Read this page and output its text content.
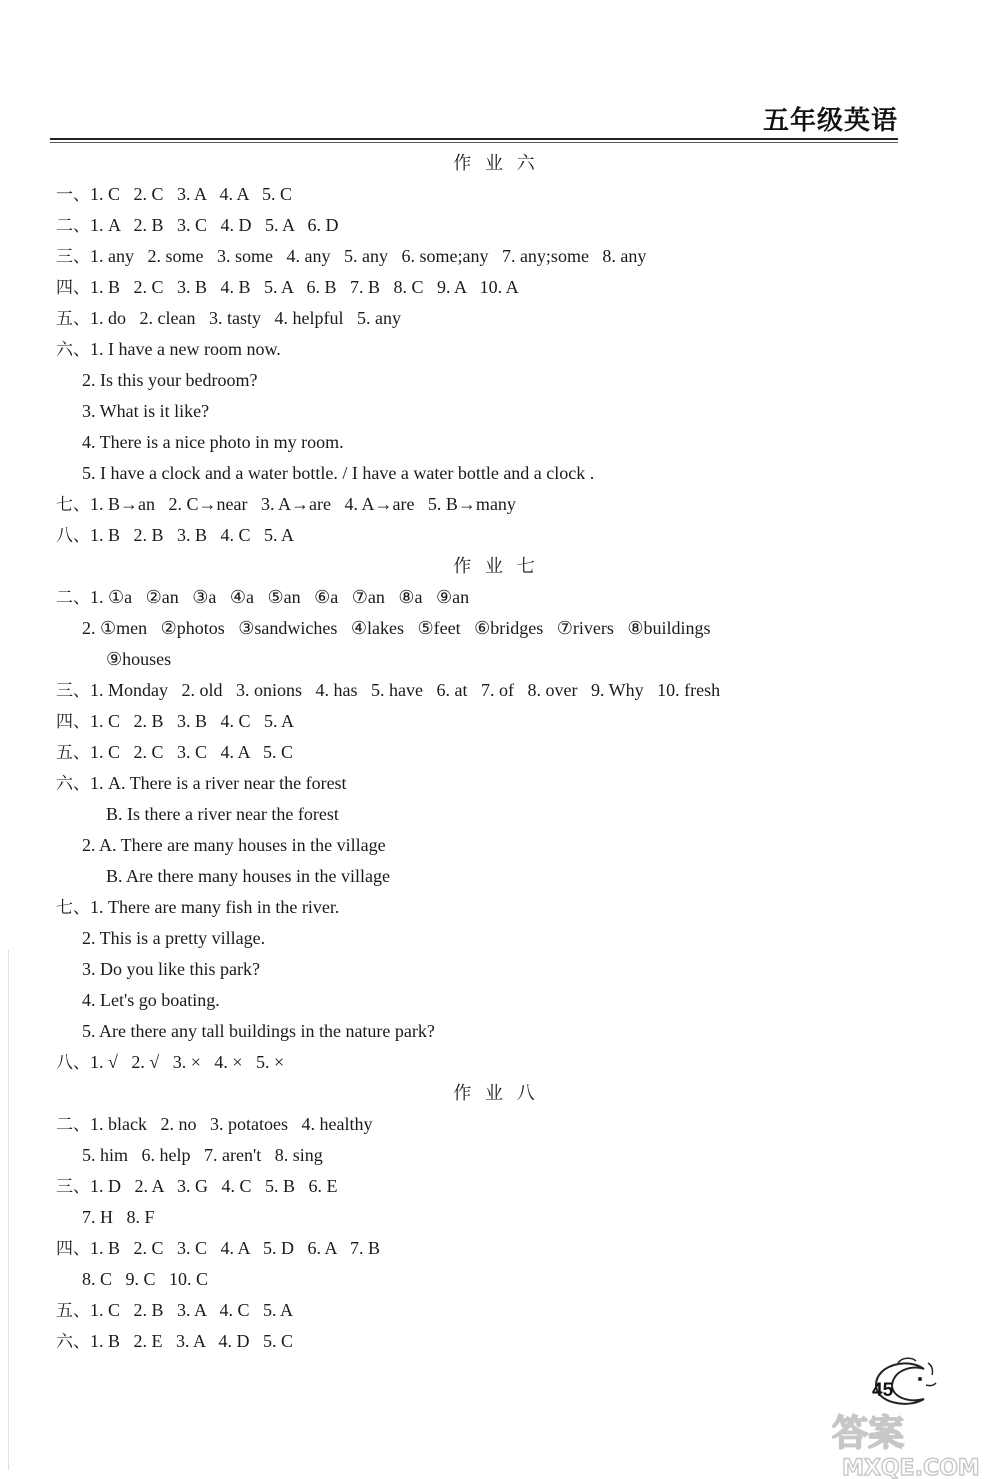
五年级英语
作 业 六
一、1. C   2. C   3. A   4. A   5. C
二、1. A   2. B   3. C   4. D   5. A   6. D
三、1. any   2. some   3. some   4. any   5. any   6. some;any   7. any;some   8. any
四、1. B   2. C   3. B   4. B   5. A   6. B   7. B   8. C   9. A   10. A
五、1. do   2. clean   3. tasty   4. helpful   5. any
六、1. I have a new room now.
2. Is this your bedroom?
3. What is it like?
4. There is a nice photo in my room.
5. I have a clock and a water bottle. / I have a water bottle and a clock .
七、1. B→an   2. C→near   3. A→are   4. A→are   5. B→many
八、1. B   2. B   3. B   4. C   5. A
作 业 七
二、1. ①a   ②an   ③a   ④a   ⑤an   ⑥a   ⑦an   ⑧a   ⑨an
2. ①men   ②photos   ③sandwiches   ④lakes   ⑤feet   ⑥bridges   ⑦rivers   ⑧buildings
⑨houses
三、1. Monday   2. old   3. onions   4. has   5. have   6. at   7. of   8. over   9. Why   10. fresh
四、1. C   2. B   3. B   4. C   5. A
五、1. C   2. C   3. C   4. A   5. C
六、1. A. There is a river near the forest
B. Is there a river near the forest
2. A. There are many houses in the village
B. Are there many houses in the village
七、1. There are many fish in the river.
2. This is a pretty village.
3. Do you like this park?
4. Let's go boating.
5. Are there any tall buildings in the nature park?
八、1. √   2. √   3. ×   4. ×   5. ×
作 业 八
二、1. black   2. no   3. potatoes   4. healthy
5. him   6. help   7. aren't   8. sing
三、1. D   2. A   3. G   4. C   5. B   6. E
7. H   8. F
四、1. B   2. C   3. C   4. A   5. D   6. A   7. B
8. C   9. C   10. C
五、1. C   2. B   3. A   4. C   5. A
六、1. B   2. E   3. A   4. D   5. C
45
答案
MXQE.COM
